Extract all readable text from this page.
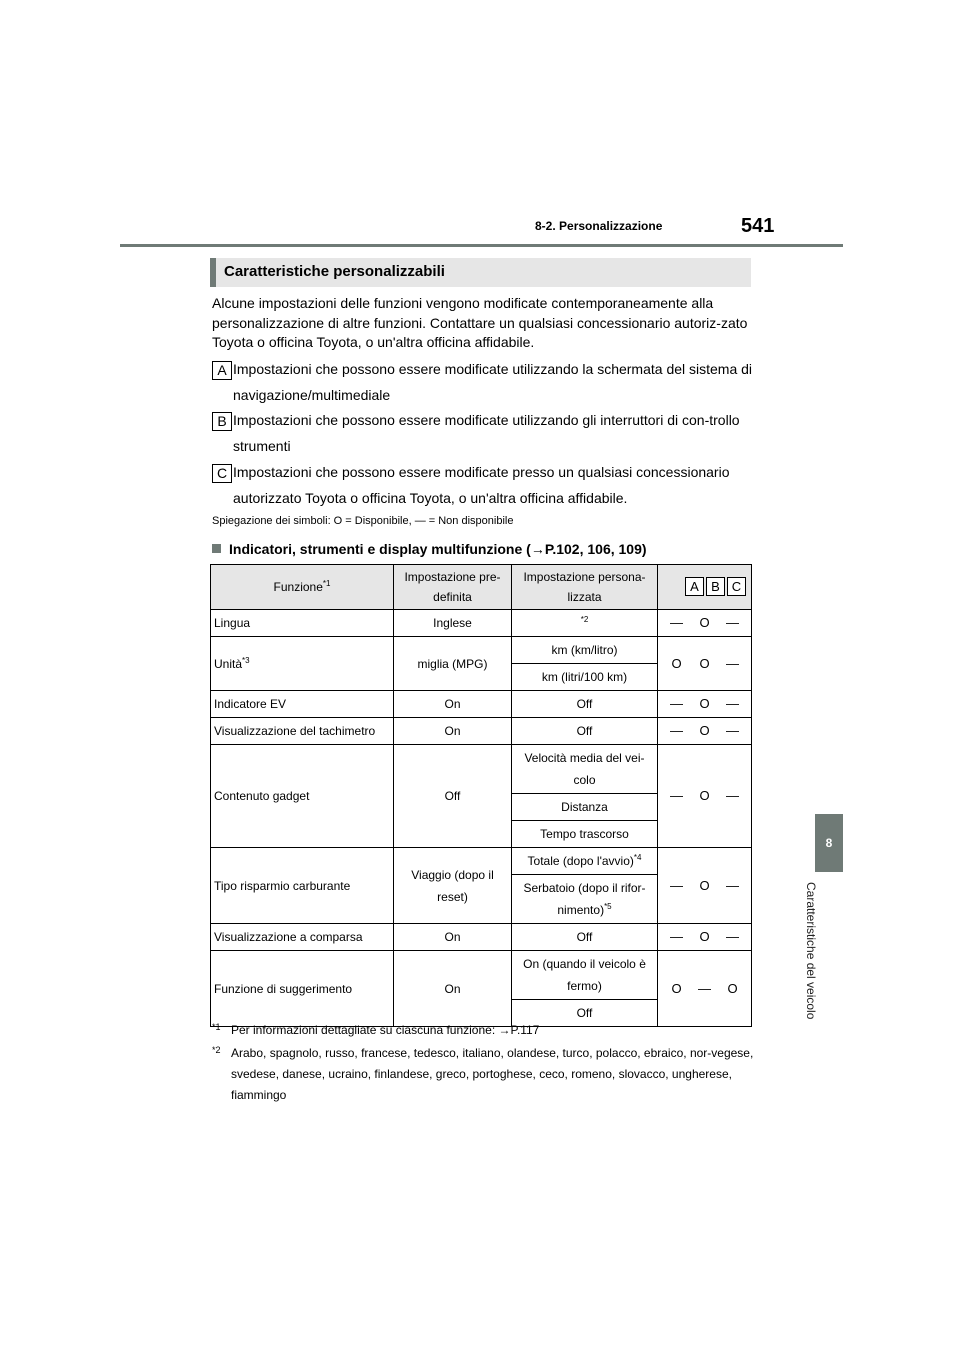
8-2. Personalizzazione	541
8
Caratteristiche del veicolo
Caratteristiche personalizzabili
Alcune impostazioni delle funzioni vengono modificate contemporaneamente alla personalizzazione di altre funzioni. Contattare un qualsiasi concessionario autoriz-zato Toyota o officina Toyota, o un'altra officina affidabile.
A Impostazioni che possono essere modificate utilizzando la schermata del sistema di navigazione/multimediale
B Impostazioni che possono essere modificate utilizzando gli interruttori di con-trollo strumenti
C Impostazioni che possono essere modificate presso un qualsiasi concessionario autorizzato Toyota o officina Toyota, o un'altra officina affidabile.
Spiegazione dei simboli: O = Disponibile, — = Non disponibile
Indicatori, strumenti e display multifunzione (→P.102, 106, 109)
Funzione$^{*1}$	Impostazione pre-definita	Impostazione persona-lizzata	A B C
Lingua	Inglese	$^{*2}$	— O —
Unità$^{*3}$	miglia (MPG)	km (km/litro)	O O —
		km (litri/100 km)	
Indicatore EV	On	Off	— O —
Visualizzazione del tachimetro	On	Off	— O —
Contenuto gadget	Off	Velocità media del vei-colo	— O —
		Distanza	
		Tempo trascorso	
Tipo risparmio carburante	Viaggio (dopo il reset)	Totale (dopo l'avvio)$^{*4}$	— O —
		Serbatoio (dopo il rifor-nimento)$^{*5}$
Visualizzazione a comparsa	On	Off	— O —
Funzione di suggerimento	On	On (quando il veicolo è fermo)	O — O
		Off	
*1 Per informazioni dettagliate su ciascuna funzione: →P.117
*2 Arabo, spagnolo, russo, francese, tedesco, italiano, olandese, turco, polacco, ebraico, nor-vegese, svedese, danese, ucraino, finlandese, greco, portoghese, ceco, romeno, slovacco, ungherese, fiammingo
